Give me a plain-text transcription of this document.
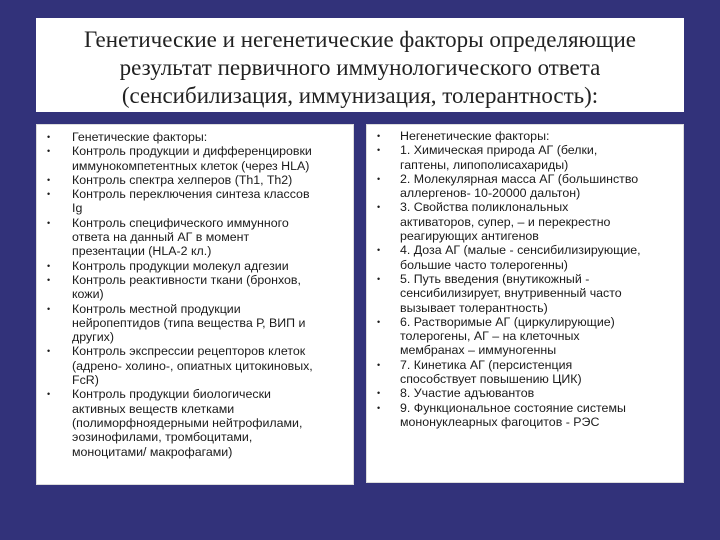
Генетические и негенетические факторы определяющие
результат первичного иммунологического ответа
(сенсибилизация, иммунизация, толерантность):
• Генетические факторы:
• Контроль продукции и дифференцировки
иммунокомпетентных клеток (через HLA)
• Контроль спектра хелперов (Th1, Th2)
• Контроль переключения синтеза классов
Ig
• Контроль специфического иммунного
ответа на данный АГ в момент
презентации (HLA-2 кл.)
• Контроль продукции молекул адгезии
• Контроль реактивности ткани (бронхов,
кожи)
• Контроль местной продукции
нейропептидов (типа вещества Р, ВИП и
других)
• Контроль экспрессии рецепторов клеток
(адрено- холино-, опиатных цитокиновых,
FcR)
• Контроль продукции биологически
активных веществ клетками
(полиморфноядерными нейтрофилами,
эозинофилами, тромбоцитами,
моноцитами/ макрофагами)
• Негенетические факторы:
• 1. Химическая природа АГ (белки,
гаптены, липополисахариды)
• 2. Молекулярная масса АГ (большинство
аллергенов- 10-20000 дальтон)
• 3. Свойства поликлональных
активаторов, супер, – и перекрестно
реагирующих антигенов
• 4. Доза АГ (малые - сенсибилизирующие,
большие часто толерогенны)
• 5. Путь введения (внутикожный -
сенсибилизирует, внутривенный часто
вызывает толерантность)
• 6. Растворимые АГ (циркулирующие)
толерогены, АГ – на клеточных
мембранах – иммуногенны
• 7. Кинетика АГ (персистенция
способствует повышению ЦИК)
• 8. Участие адъювантов
• 9. Функциональное состояние системы
мононуклеарных фагоцитов - РЭС
